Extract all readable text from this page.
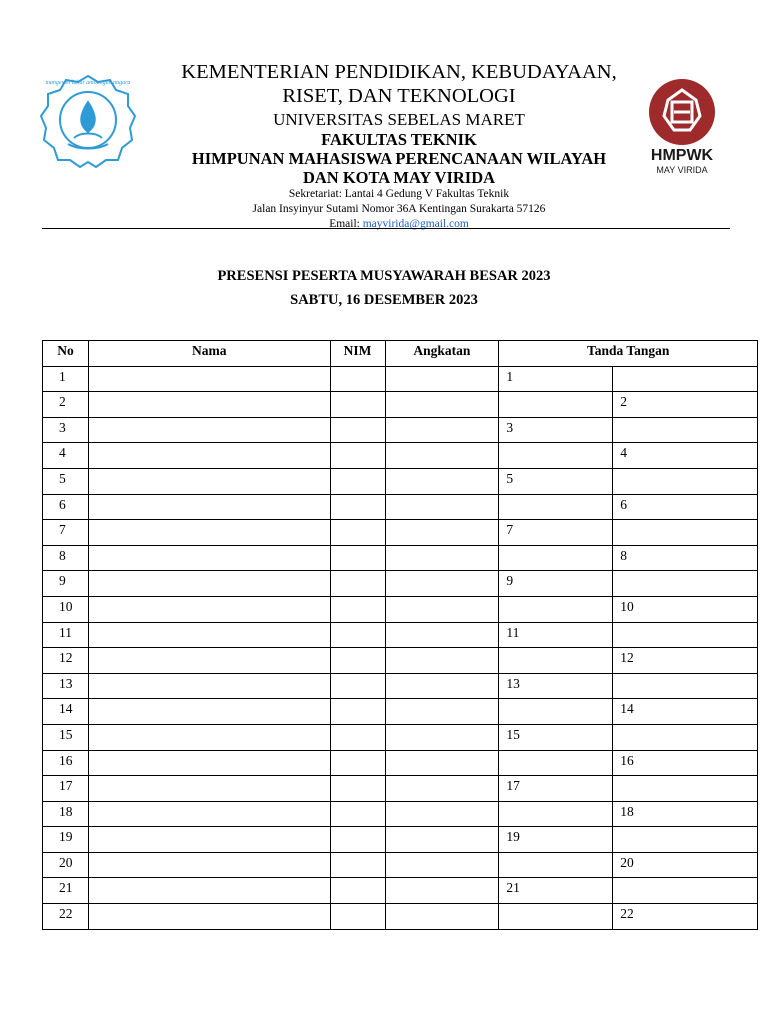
mangesthi luhur ambangun nagara
HMPWK
MAY VIRIDA
KEMENTERIAN PENDIDIKAN, KEBUDAYAAN,
RISET, DAN TEKNOLOGI
UNIVERSITAS SEBELAS MARET
FAKULTAS TEKNIK
HIMPUNAN MAHASISWA PERENCANAAN WILAYAH
DAN KOTA MAY VIRIDA
Sekretariat: Lantai 4 Gedung V Fakultas Teknik
Jalan Insyinyur Sutami Nomor 36A Kentingan Surakarta 57126
Email: mayvirida@gmail.com
PRESENSI PESERTA MUSYAWARAH BESAR 2023
SABTU, 16 DESEMBER 2023
No	Nama	NIM	Angkatan	Tanda Tangan	
1				1	
2					2
3				3	
4					4
5				5	
6					6
7				7	
8					8
9				9	
10					10
11				11	
12					12
13				13	
14					14
15				15	
16					16
17				17	
18					18
19				19	
20					20
21				21	
22					22
